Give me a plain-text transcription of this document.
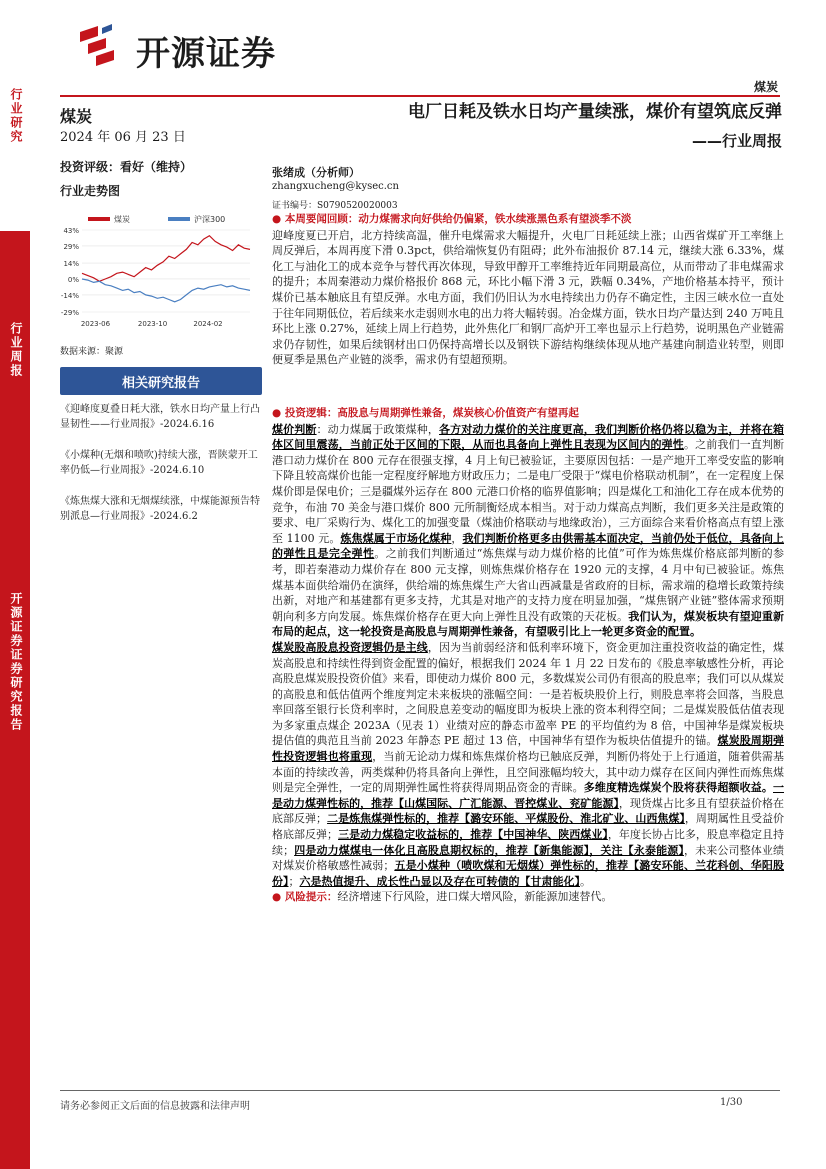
开源证券
煤炭
行业研究
行业周报
开源证券证券研究报告
煤炭
2024 年 06 月 23 日
投资评级：看好（维持）
行业走势图
煤炭	沪深300
43%
29%
14%
0%
-14%
-29%
2023-06	2023-10	2024-02
数据来源：聚源
相关研究报告
《迎峰度夏叠日耗大涨，铁水日均产量上行凸显韧性——行业周报》-2024.6.16
《小煤种(无烟和喷吹)持续大涨，晋陕蒙开工率仍低—行业周报》-2024.6.10
《炼焦煤大涨和无烟煤续涨，中煤能源预告特别派息—行业周报》-2024.6.2
电厂日耗及铁水日均产量续涨，煤价有望筑底反弹
——行业周报
张绪成（分析师）
zhangxucheng@kysec.cn
证书编号：S0790520020003
● 本周要闻回顾：动力煤需求向好供给仍偏紧，铁水续涨黑色系有望淡季不淡
迎峰度夏已开启，北方持续高温，催升电煤需求大幅提升，火电厂日耗延续上涨；山西省煤矿开工率继上周反弹后，本周再度下滑 0.3pct，供给端恢复仍有阻碍；此外布油报价 87.14 元，继续大涨 6.33%，煤化工与油化工的成本竞争与替代再次体现，导致甲醇开工率维持近年同期最高位，从而带动了非电煤需求的提升；本周秦港动力煤价格报价 868 元，环比小幅下滑 3 元，跌幅 0.34%，产地价格基本持平，预计煤价已基本触底且有望反弹。水电方面，我们仍旧认为水电持续出力仍存不确定性，主因三峡水位一直处于往年同期低位，若后续来水走弱则水电的出力将大幅转弱。冶金煤方面，铁水日均产量达到 240 万吨且环比上涨 0.27%，延续上周上行趋势，此外焦化厂和钢厂高炉开工率也显示上行趋势，说明黑色产业链需求仍存韧性，如果后续钢材出口仍保持高增长以及钢铁下游结构继续体现从地产基建向制造业转型，则即便夏季是黑色产业链的淡季，需求仍有望超预期。
● 投资逻辑：高股息与周期弹性兼备，煤炭核心价值资产有望再起
煤价判断：动力煤属于政策煤种，各方对动力煤价的关注度更高，我们判断价格仍将以稳为主，并将在箱体区间里震荡，当前正处于区间的下限，从而也具备向上弹性且表现为区间内的弹性。之前我们一直判断港口动力煤价在 800 元存在很强支撑，4 月上旬已被验证，主要原因包括：一是产地开工率受安监的影响下降且较高煤价也能一定程度纾解地方财政压力；二是电厂受限于“煤电价格联动机制”，在一定程度上保煤价即是保电价；三是疆煤外运存在 800 元港口价格的临界值影响；四是煤化工和油化工存在成本优势的竞争，布油 70 美金与港口煤价 800 元所制衡烃成本相当。对于动力煤高点判断，我们更多关注是政策的要求、电厂采购行为、煤化工的加强变量（煤油价格联动与地缘政治），三方面综合来看价格高点有望上涨至 1100 元。炼焦煤属于市场化煤种，我们判断价格更多由供需基本面决定，当前仍处于低位，具备向上的弹性且是完全弹性。之前我们判断通过“炼焦煤与动力煤价格的比值”可作为炼焦煤价格底部判断的参考，即若秦港动力煤价存在 800 元支撑，则炼焦煤价格存在 1920 元的支撑，4 月中旬已被验证。炼焦煤基本面供给端仍在演绎，供给端的炼焦煤生产大省山西减量是省政府的目标，需求端的稳增长政策持续出新，对地产和基建都有更多支持，尤其是对地产的支持力度在明显加强，“煤焦钢产业链”整体需求预期朝向利多方向发展。炼焦煤价格存在更大向上弹性且没有政策的天花板。我们认为，煤炭板块有望迎重新布局的起点，这一轮投资是高股息与周期弹性兼备，有望吸引比上一轮更多资金的配置。
煤炭股高股息投资逻辑仍是主线，因为当前弱经济和低利率环境下，资金更加注重投资收益的确定性，煤炭高股息和持续性得到资金配置的偏好，根据我们 2024 年 1 月 22 日发布的《股息率敏感性分析，再论高股息煤炭股投资价值》来看，即使动力煤价 800 元，多数煤炭公司仍有很高的股息率；我们可以从煤炭的高股息和低估值两个维度判定未来板块的涨幅空间：一是若板块股价上行，则股息率将会回落，当股息率回落至银行长贷利率时，之间股息差变动的幅度即为板块上涨的资本利得空间；二是煤炭股低估值表现为多家重点煤企 2023A（见表 1）业绩对应的静态市盈率 PE 的平均值约为 8 倍，中国神华是煤炭板块提估值的典范且当前 2023 年静态 PE 超过 13 倍，中国神华有望作为板块估值提升的锚。煤炭股周期弹性投资逻辑也将重现，当前无论动力煤和炼焦煤价格均已触底反弹，判断仍将处于上行通道，随着供需基本面的持续改善，两类煤种仍将具备向上弹性，且空间涨幅均较大，其中动力煤存在区间内弹性而炼焦煤则是完全弹性，一定的周期弹性属性将获得周期品资金的青睐。多维度精选煤炭个股将获得超额收益。一是动力煤弹性标的，推荐【山煤国际、广汇能源、晋控煤业、兖矿能源】，现货煤占比多且有望获益价格在底部反弹；二是炼焦煤弹性标的，推荐【潞安环能、平煤股份、淮北矿业、山西焦煤】，周期属性且受益价格底部反弹；三是动力煤稳定收益标的，推荐【中国神华、陕西煤业】，年度长协占比多，股息率稳定且持续；四是动力煤煤电一体化且高股息期权标的，推荐【新集能源】，关注【永泰能源】，未来公司整体业绩对煤炭价格敏感性减弱；五是小煤种（喷吹煤和无烟煤）弹性标的，推荐【潞安环能、兰花科创、华阳股份】；六是热值提升、成长性凸显以及存在可转债的【甘肃能化】。
● 风险提示：经济增速下行风险，进口煤大增风险，新能源加速替代。
请务必参阅正文后面的信息披露和法律声明	1/30
